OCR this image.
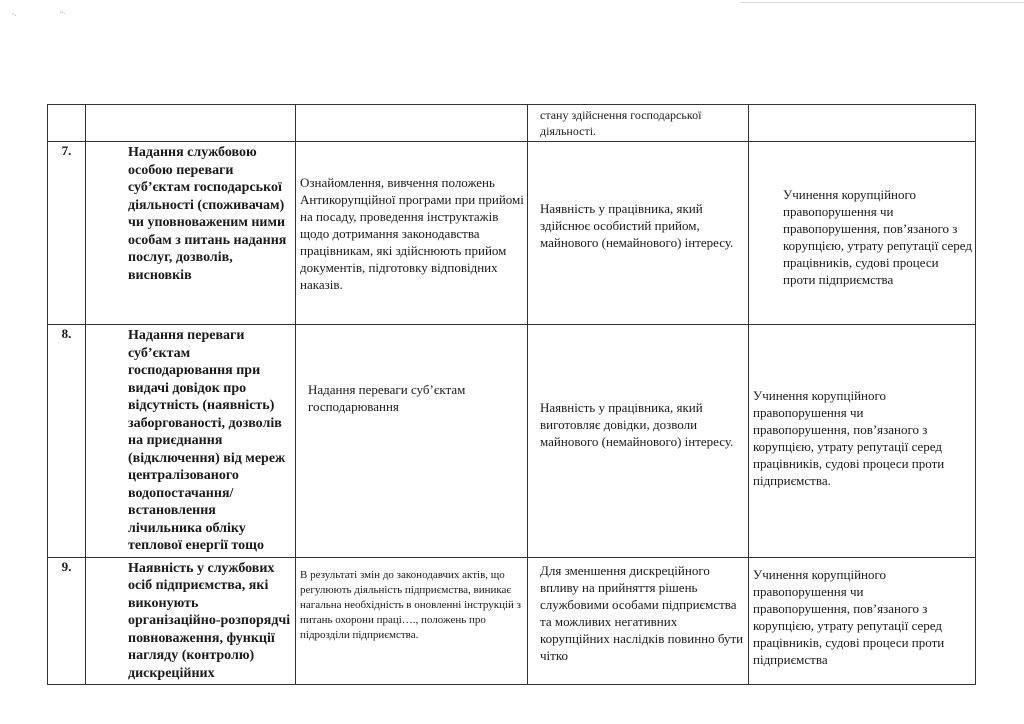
‘·	“·

			стану здійснення господарської діяльності.	

7.	Надання службовою особою переваги суб’єктам господарської діяльності (споживачам) чи уповноваженим ними особам з питань надання послуг, дозволів, висновків	Ознайомлення, вивчення положень Антикорупційної програми при прийомі на посаду, проведення інструктажів щодо дотримання законодавства працівникам, які здійснюють прийом документів, підготовку відповідних наказів.	Наявність у працівника, який здійснює особистий прийом, майнового (немайнового) інтересу.	Учинення корупційного правопорушення чи правопорушення, пов’язаного з корупцією, утрату репутації серед працівників, судові процеси проти підприємства

8.	Надання переваги суб’єктам господарювання при видачі довідок про відсутність (наявність) заборгованості, дозволів на приєднання (відключення) від мереж централізованого водопостачання/ встановлення лічильника обліку теплової енергії тощо	Надання переваги суб’єктам господарювання	Наявність у працівника, який виготовляє довідки, дозволи майнового (немайнового) інтересу.	Учинення корупційного правопорушення чи правопорушення, пов’язаного з корупцією, утрату репутації серед працівників, судові процеси проти підприємства.

9.	Наявність у службових осіб підприємства, які виконують організаційно-розпорядчі повноваження, функції нагляду (контролю) дискреційних	В результаті змін до законодавчих актів, що регулюють діяльність підприємства, виникає нагальна необхідність в оновленні інструкцій з питань охорони праці…., положень про підрозділи підприємства.	Для зменшення дискреційного впливу на прийняття рішень службовими особами підприємства та можливих негативних корупційних наслідків повинно бути чітко	Учинення корупційного правопорушення чи правопорушення, пов’язаного з корупцією, утрату репутації серед працівників, судові процеси проти підприємства
